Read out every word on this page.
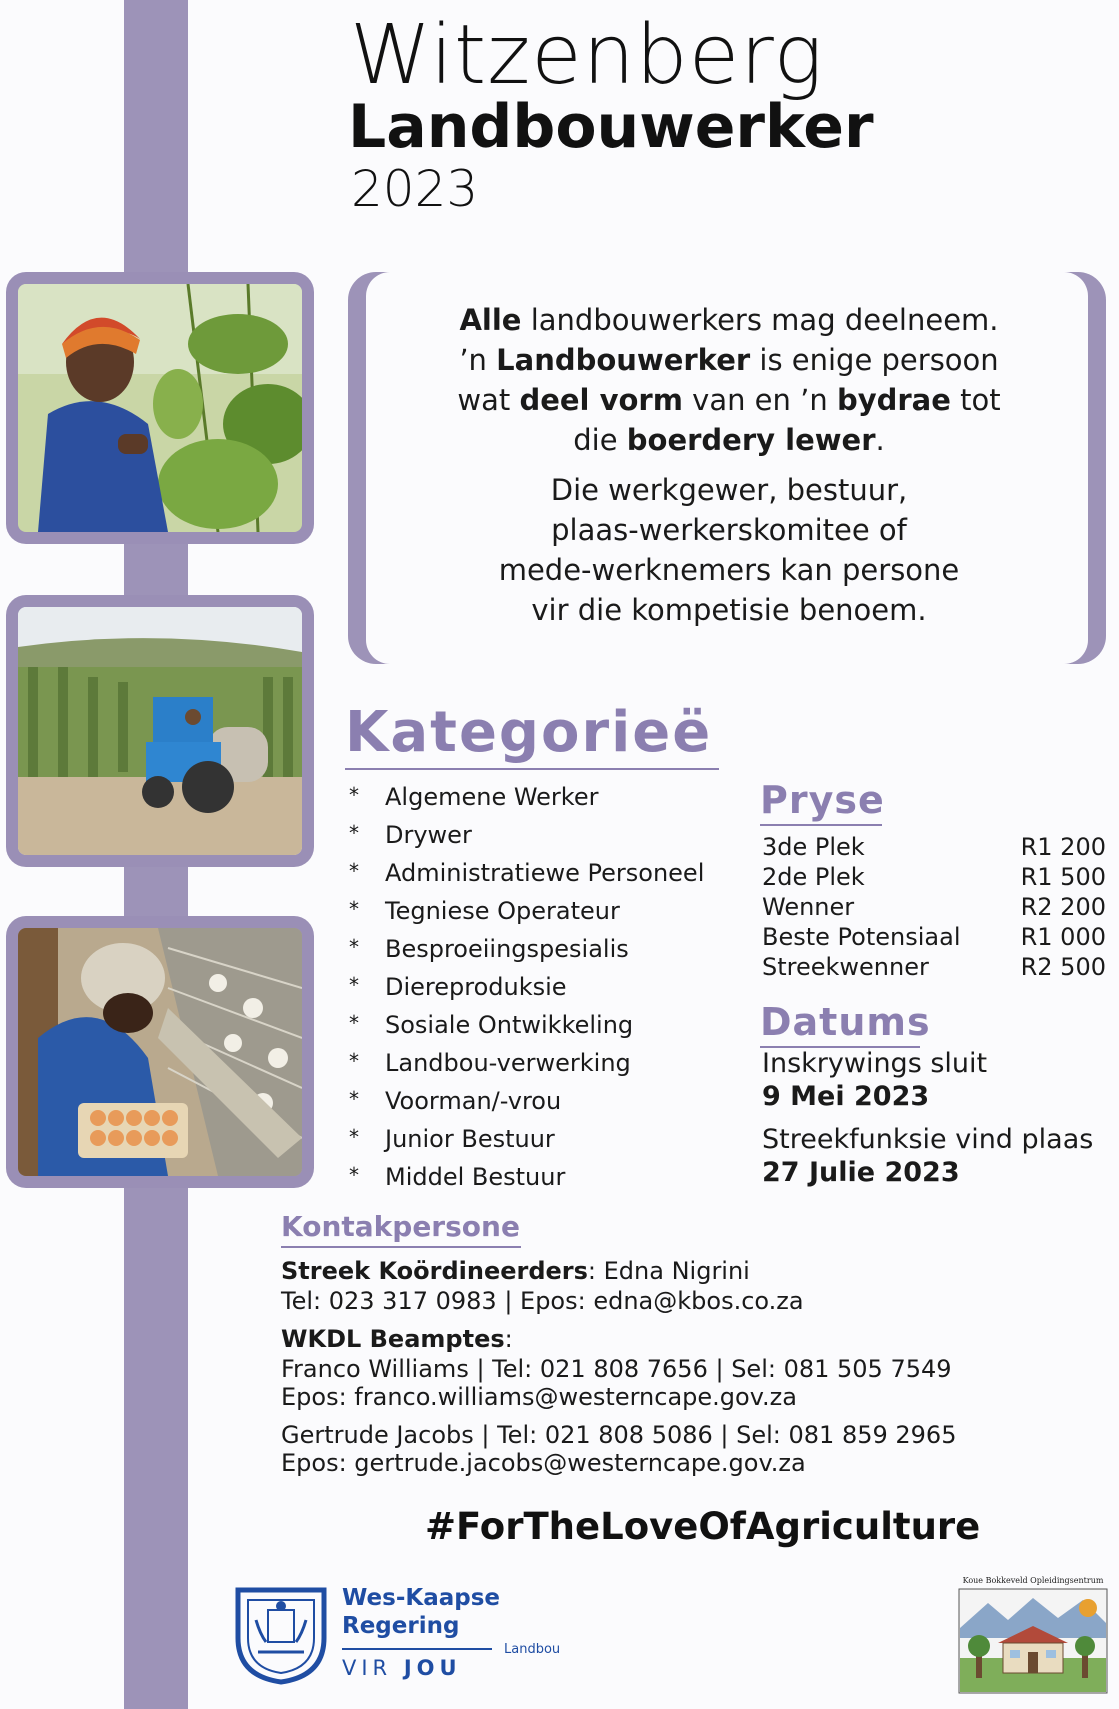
Witzenberg
Landbouwerker
2023

Alle landbouwerkers mag deelneem.
’n Landbouwerker is enige persoon
wat deel vorm van en ’n bydrae tot
die boerdery lewer.

Die werkgewer, bestuur,
plaas-werkerskomitee of
mede-werknemers kan persone
vir die kompetisie benoem.

Kategorieë
* Algemene Werker
* Drywer
* Administratiewe Personeel
* Tegniese Operateur
* Besproeiingspesialis
* Diereproduksie
* Sosiale Ontwikkeling
* Landbou-verwerking
* Voorman/-vrou
* Junior Bestuur
* Middel Bestuur
Pryse
3de Plek	R1 200
2de Plek	R1 500
Wenner	R2 200
Beste Potensiaal	R1 000
Streekwenner	R2 500
Datums
Inskrywings sluit
9 Mei 2023
Streekfunksie vind plaas
27 Julie 2023
Kontakpersone
Streek Koördineerders: Edna Nigrini
Tel: 023 317 0983 | Epos: edna@kbos.co.za
WKDL Beamptes:
Franco Williams | Tel: 021 808 7656 | Sel: 081 505 7549
Epos: franco.williams@westerncape.gov.za
Gertrude Jacobs | Tel: 021 808 5086 | Sel: 081 859 2965
Epos: gertrude.jacobs@westerncape.gov.za
#ForTheLoveOfAgriculture
Wes-Kaapse
Regering
VIR JOU
Landbou
Koue Bokkeveld Opleidingsentrum
